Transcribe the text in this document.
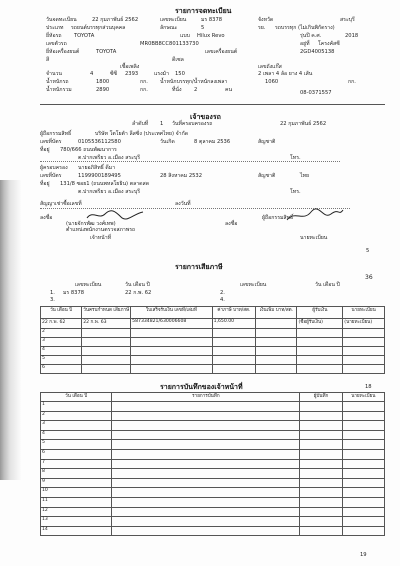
รายการจดทะเบียน
วันจดทะเบียน	22 กุมภาพันธ์ 2562	เลขทะเบียน	มร 8378	จังหวัด	สระบุรี
ประเภท รถยนต์บรรทุกส่วนบุคคล	ลักษณะ	5	รย. รถบรรทุก (ไม่เกินพิกัดราง)
ยี่ห้อรถ TOYOTA	แบบ Hilux Revo	รุ่นปี ค.ศ.	2018
เลขตัวรถ	MR0BB8CC801133730	อยู่ที่ โครงคัสซี
ยี่ห้อเครื่องยนต์	TOYOTA	เลขเครื่องยนต์	2GD4005138
สี	ดีเซล
เชื้อเพลิง	เลขถังแก๊ส
จำนวน	4	ซีซี 2393	แรงม้า 150	2 เพลา 4 ล้อ ยาง 4 เส้น
น้ำหนักรถ	1800	กก. น้ำหนักบรรทุก/น้ำหนักลงเพลา	1060	กก.
น้ำหนักรวม	2890	กก.	ที่นั่ง 2	คน	08-0371557
เจ้าของรถ
ลำดับที่ 1 วันที่ครอบครองรถ	22 กุมภาพันธ์ 2562
ผู้ถือกรรมสิทธิ์	บริษัท โตโยต้า ลีสซิ่ง (ประเทศไทย) จำกัด
เลขที่บัตร	0105536112580	วันเกิด	8 ตุลาคม 2536	สัญชาติ
ที่อยู่ 780/666 ถนนพัฒนาการ
ต.ปากเพรียว อ.เมือง สระบุรี	โทร.
ผู้ครอบครอง นายอภิสิทธิ์ ดีมา
เลขที่บัตร	1199900189495	28 สิงหาคม 2532	สัญชาติ	ไทย
ที่อยู่ 131/8 ซอย1 (ถนนพหลโยธิน) ตลาดสด
ต.ปากเพรียว อ.เมือง สระบุรี	โทร.
สัญญาเช่าซื้อเลขที่	ลงวันที่
ลงชื่อ
(นายจักรพัฒ วงศ์เทพ)
ตำแหน่งพนักงานตรวจสภาพรถ
เจ้าหน้าที่
ลงชื่อ
ผู้ถือกรรมสิทธิ์
นายทะเบียน
5
รายการเสียภาษี
36
เลขทะเบียน	วัน เดือน ปี	เลขทะเบียน	วัน เดือน ปี
1. มร 8378	22 ก.พ. 62	2.
3.	4.
วัน เดือน ปี	วันครบกำหนด เสียภาษี	ใบเสร็จรับเงิน เลขที่/เล่มที่	ค่าภาษี บาท/สต.	เงินเพิ่ม บาท/สต.	ผู้รับเงิน	นายทะเบียน
22 ก.พ. 62	22 ก.พ. 63	587334821/630006608	1,650.00		(ชื่อผู้รับเงิน)	(นายทะเบียน)
2						
3						
4						
5						
6						
รายการบันทึกของเจ้าหน้าที่	18
วัน เดือน ปี	รายการบันทึก	ผู้บันทึก	นายทะเบียน
1			
2			
3			
4			
5			
6			
7			
8			
9			
10			
11			
12			
13			
14			
19
